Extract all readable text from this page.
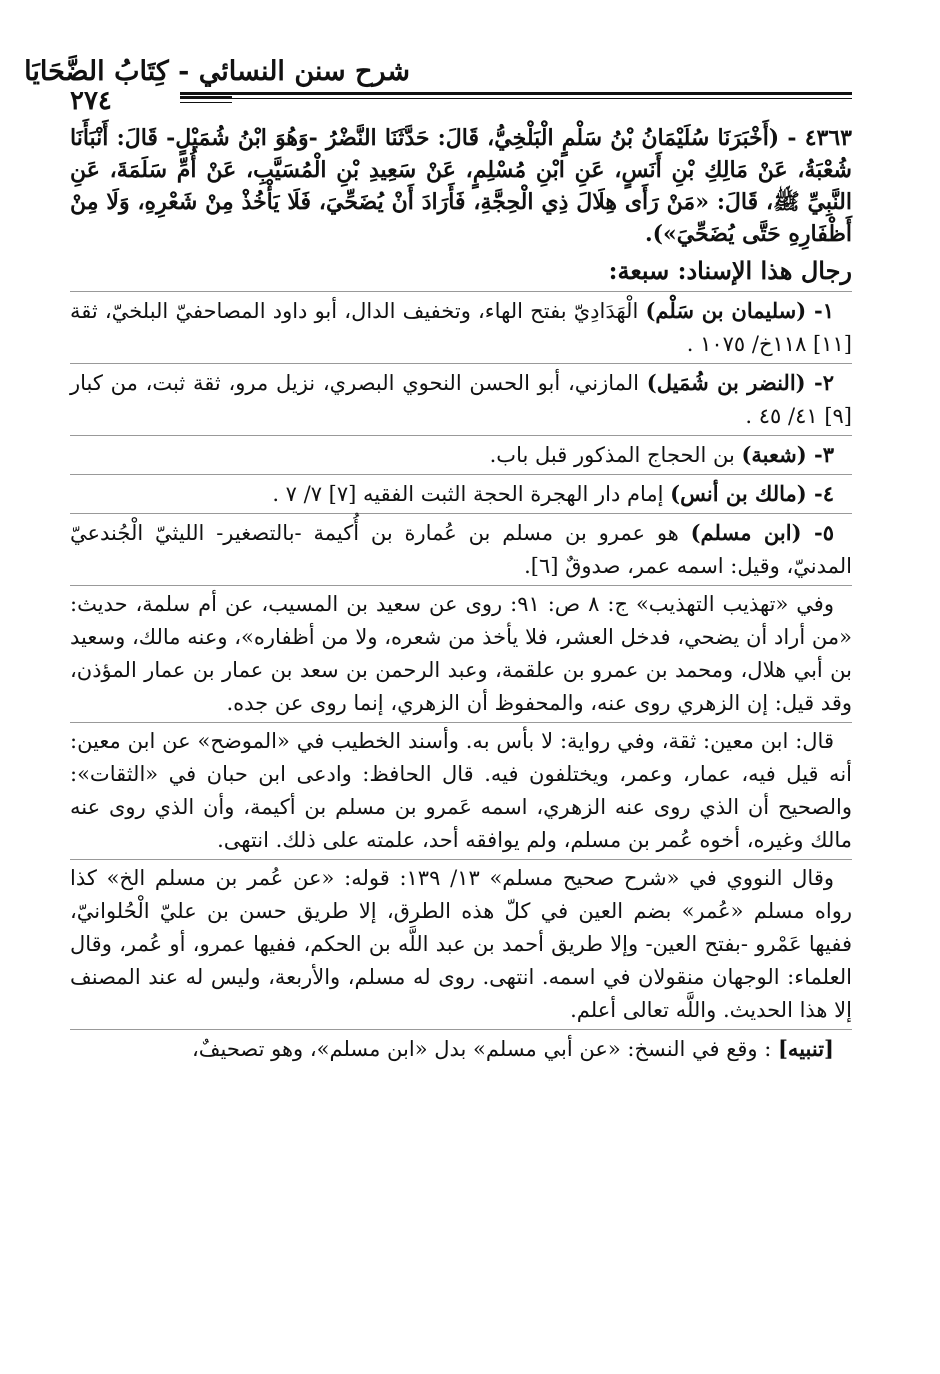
شرح سنن النسائي - كِتَابُ الضَّحَايَا
٢٧٤
٤٣٦٣ - (أَخْبَرَنَا سُلَيْمَانُ بْنُ سَلْمٍ الْبَلْخِيُّ، قَالَ: حَدَّثَنَا النَّضْرُ -وَهُوَ ابْنُ شُمَيْلٍ- قَالَ: أَنْبَأَنَا شُعْبَةُ، عَنْ مَالِكِ بْنِ أَنَسٍ، عَنِ ابْنِ مُسْلِمٍ، عَنْ سَعِيدِ بْنِ الْمُسَيَّبِ، عَنْ أُمِّ سَلَمَةَ، عَنِ النَّبِيِّ ﷺ، قَالَ: «مَنْ رَأَى هِلَالَ ذِي الْحِجَّةِ، فَأَرَادَ أَنْ يُضَحِّيَ، فَلَا يَأْخُذْ مِنْ شَعْرِهِ، وَلَا مِنْ أَظْفَارِهِ حَتَّى يُضَحِّيَ»).
رجال هذا الإسناد: سبعة:
١- (سليمان بن سَلْم) الْهَدَادِيّ بفتح الهاء، وتخفيف الدال، أبو داود المصاحفيّ البلخيّ، ثقة [١١] ١١٨خ/ ١٠٧٥ .
٢- (النضر بن شُمَيل) المازني، أبو الحسن النحوي البصري، نزيل مرو، ثقة ثبت، من كبار [٩] ٤١/ ٤٥ .
٣- (شعبة) بن الحجاج المذكور قبل باب.
٤- (مالك بن أنس) إمام دار الهجرة الحجة الثبت الفقيه [٧] ٧/ ٧ .
٥- (ابن مسلم) هو عمرو بن مسلم بن عُمارة بن أُكيمة -بالتصغير- الليثيّ الْجُندعيّ المدنيّ، وقيل: اسمه عمر، صدوقٌ [٦].
وفي «تهذيب التهذيب» ج: ٨ ص: ٩١: روى عن سعيد بن المسيب، عن أم سلمة، حديث: «من أراد أن يضحي، فدخل العشر، فلا يأخذ من شعره، ولا من أظفاره»، وعنه مالك، وسعيد بن أبي هلال، ومحمد بن عمرو بن علقمة، وعبد الرحمن بن سعد بن عمار بن عمار المؤذن، وقد قيل: إن الزهري روى عنه، والمحفوظ أن الزهري، إنما روى عن جده.
قال: ابن معين: ثقة، وفي رواية: لا بأس به. وأسند الخطيب في «الموضح» عن ابن معين: أنه قيل فيه، عمار، وعمر، ويختلفون فيه. قال الحافظ: وادعى ابن حبان في «الثقات»: والصحيح أن الذي روى عنه الزهري، اسمه عَمرو بن مسلم بن أكيمة، وأن الذي روى عنه مالك وغيره، أخوه عُمر بن مسلم، ولم يوافقه أحد، علمته على ذلك. انتهى.
وقال النووي في «شرح صحيح مسلم» ١٣/ ١٣٩: قوله: «عن عُمر بن مسلم الخ» كذا رواه مسلم «عُمر» بضم العين في كلّ هذه الطرق، إلا طريق حسن بن عليّ الْحُلوانيّ، ففيها عَمْرو -بفتح العين- وإلا طريق أحمد بن عبد اللَّه بن الحكم، ففيها عمرو، أو عُمر، وقال العلماء: الوجهان منقولان في اسمه. انتهى. روى له مسلم، والأربعة، وليس له عند المصنف إلا هذا الحديث. واللَّه تعالى أعلم.
[تنبيه] : وقع في النسخ: «عن أبي مسلم» بدل «ابن مسلم»، وهو تصحيفٌ،
